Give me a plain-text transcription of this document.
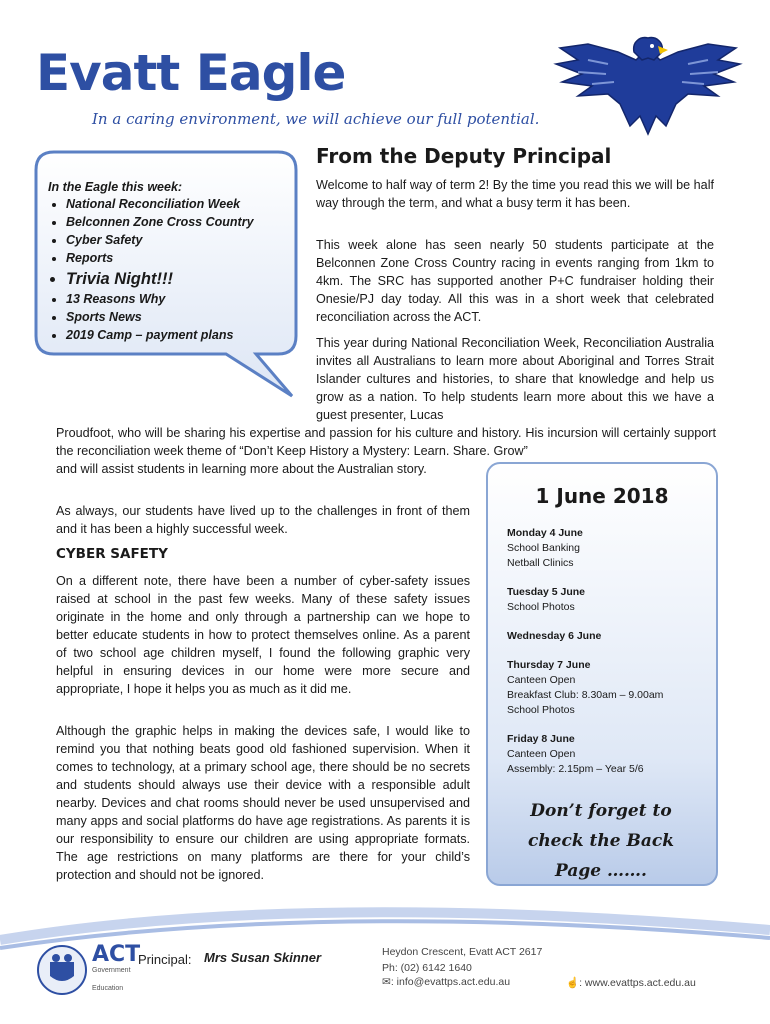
Evatt Eagle
In a caring environment, we will achieve our full potential.
In the Eagle this week:
• National Reconciliation Week
• Belconnen Zone Cross Country
• Cyber Safety
• Reports
• Trivia Night!!!
• 13 Reasons Why
• Sports News
• 2019 Camp – payment plans
From the Deputy Principal
Welcome to half way of term 2! By the time you read this we will be half way through the term, and what a busy term it has been.
This week alone has seen nearly 50 students participate at the Belconnen Zone Cross Country racing in events ranging from 1km to 4km. The SRC has supported another P+C fundraiser holding their Onesie/PJ day today. All this was in a short week that celebrated reconciliation across the ACT.
This year during National Reconciliation Week, Reconciliation Australia invites all Australians to learn more about Aboriginal and Torres Strait Islander cultures and histories, to share that knowledge and help us grow as a nation. To help students learn more about this we have a guest presenter, Lucas
Proudfoot, who will be sharing his expertise and passion for his culture and history. His incursion will certainly support the reconciliation week theme of “Don’t Keep History a Mystery: Learn. Share. Grow”
and will assist students in learning more about the Australian story.
As always, our students have lived up to the challenges in front of them and it has been a highly successful week.
CYBER SAFETY
On a different note, there have been a number of cyber-safety issues raised at school in the past few weeks. Many of these safety issues originate in the home and only through a partnership can we hope to better educate students in how to protect themselves online. As a parent of two school age children myself, I found the following graphic very helpful in ensuring devices in our home were more secure and appropriate, I hope it helps you as much as it did me.
Although the graphic helps in making the devices safe, I would like to remind you that nothing beats good old fashioned supervision. When it comes to technology, at a primary school age, there should be no secrets and students should always use their device with a responsible adult nearby. Devices and chat rooms should never be used unsupervised and many apps and social platforms do have age registrations. As parents it is our responsibility to ensure our children are using appropriate formats. The age restrictions on many platforms are there for your child’s protection and should not be ignored.
1 June 2018
Monday 4 June
School Banking
Netball Clinics
Tuesday 5 June
School Photos
Wednesday 6 June
Thursday 7 June
Canteen Open
Breakfast Club: 8.30am – 9.00am
School Photos
Friday 8 June
Canteen Open
Assembly: 2.15pm – Year 5/6
Don’t forget to
check the Back
Page …….
ACT
Government
Education
Principal: Mrs Susan Skinner	Heydon Crescent, Evatt ACT 2617
Ph: (02) 6142 1640
✉: info@evattps.act.edu.au	☝: www.evattps.act.edu.au
